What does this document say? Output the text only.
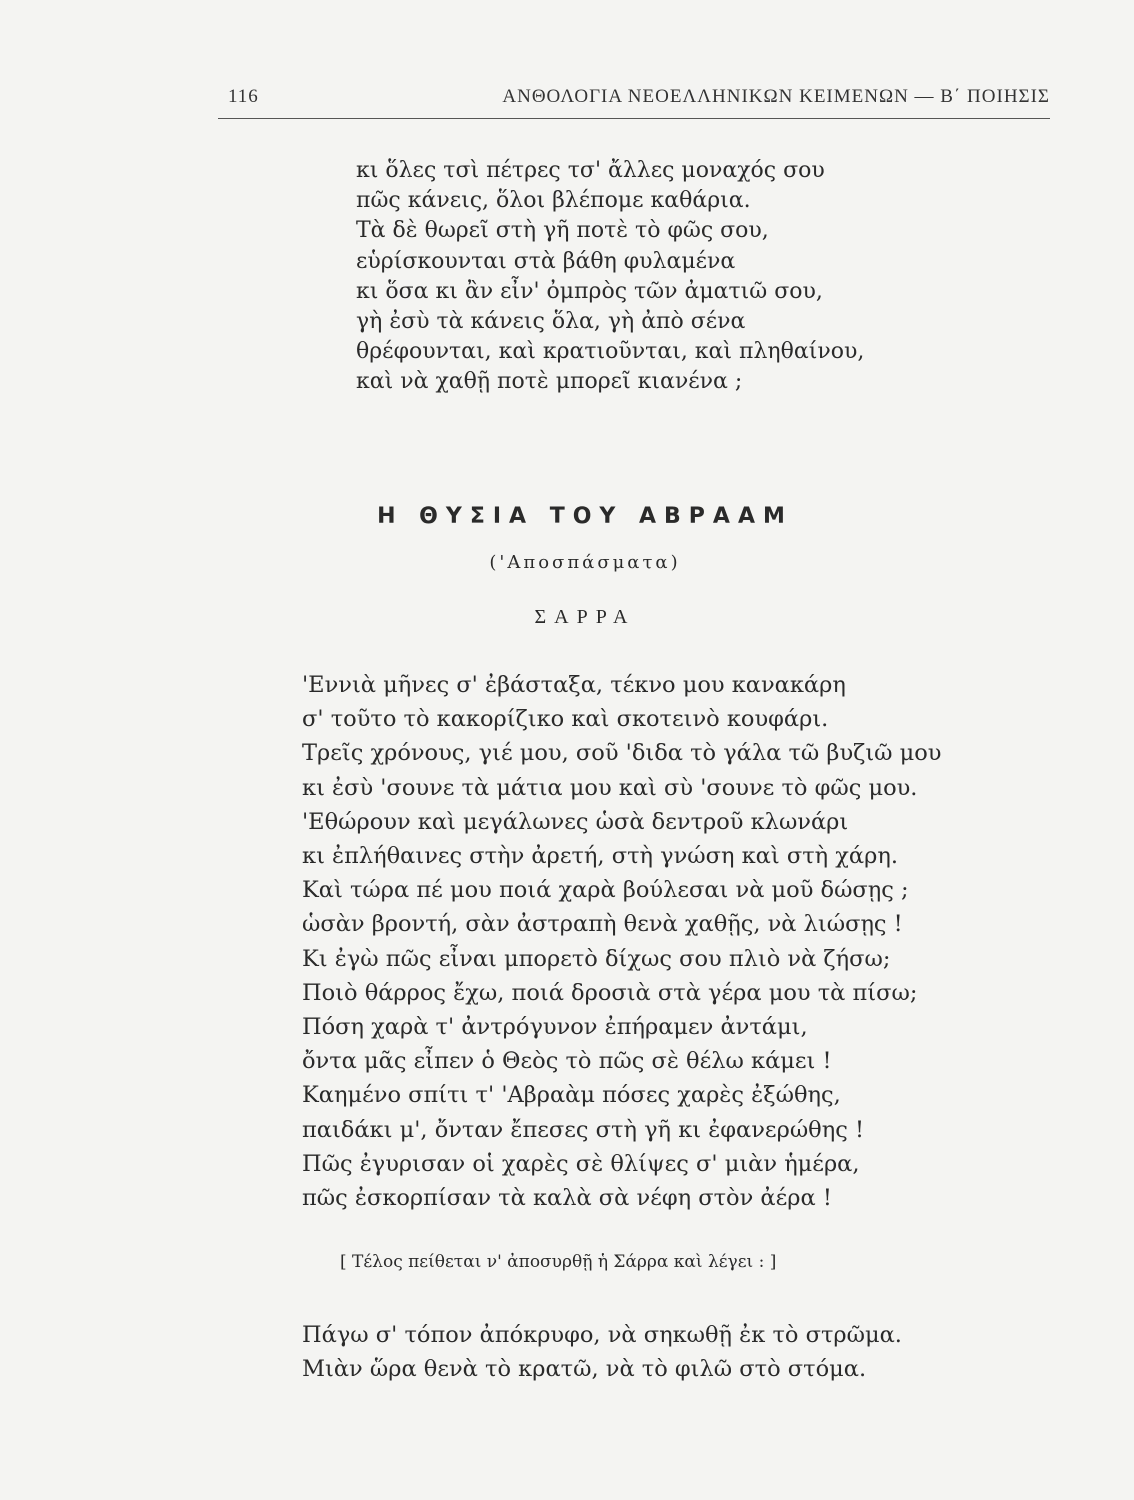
116	ΑΝΘΟΛΟΓΙΑ ΝΕΟΕΛΛΗΝΙΚΩΝ ΚΕΙΜΕΝΩΝ — Β΄ ΠΟΙΗΣΙΣ
κι ὅλες τσὶ πέτρες τσ' ἄλλες μοναχός σου
πῶς κάνεις, ὅλοι βλέπομε καθάρια.
Τὰ δὲ θωρεῖ στὴ γῆ ποτὲ τὸ φῶς σου,
εὑρίσκουνται στὰ βάθη φυλαμένα
κι ὅσα κι ἂν εἶν' ὀμπρὸς τῶν ἀματιῶ σου,
γὴ ἐσὺ τὰ κάνεις ὅλα, γὴ ἀπὸ σένα
θρέφουνται, καὶ κρατιοῦνται, καὶ πληθαίνου,
καὶ νὰ χαθῇ ποτὲ μπορεῖ κιανένα ;
Η ΘΥΣΙΑ ΤΟΥ ΑΒΡΑΑΜ
('Αποσπάσματα)
ΣΑΡΡΑ
'Εννιὰ μῆνες σ' ἐβάσταξα, τέκνο μου κανακάρη
σ' τοῦτο τὸ κακορίζικο καὶ σκοτεινὸ κουφάρι.
Τρεῖς χρόνους, γιέ μου, σοῦ 'διδα τὸ γάλα τῶ βυζιῶ μου
κι ἐσὺ 'σουνε τὰ μάτια μου καὶ σὺ 'σουνε τὸ φῶς μου.
'Εθώρουν καὶ μεγάλωνες ὡσὰ δεντροῦ κλωνάρι
κι ἐπλήθαινες στὴν ἀρετή, στὴ γνώση καὶ στὴ χάρη.
Καὶ τώρα πέ μου ποιά χαρὰ βούλεσαι νὰ μοῦ δώσῃς ;
ὡσὰν βροντή, σὰν ἀστραπὴ θενὰ χαθῇς, νὰ λιώσῃς !
Κι ἐγὼ πῶς εἶναι μπορετὸ δίχως σου πλιὸ νὰ ζήσω;
Ποιὸ θάρρος ἔχω, ποιά δροσιὰ στὰ γέρα μου τὰ πίσω;
Πόση χαρὰ τ' ἀντρόγυνον ἐπήραμεν ἀντάμι,
ὄντα μᾶς εἶπεν ὁ Θεὸς τὸ πῶς σὲ θέλω κάμει !
Καημένο σπίτι τ' 'Αβραὰμ πόσες χαρὲς ἐξώθης,
παιδάκι μ', ὄνταν ἔπεσες στὴ γῆ κι ἐφανερώθης !
Πῶς ἐγυρισαν οἱ χαρὲς σὲ θλίψες σ' μιὰν ἡμέρα,
πῶς ἐσκορπίσαν τὰ καλὰ σὰ νέφη στὸν ἀέρα !
[ Τέλος πείθεται ν' ἀποσυρθῇ ἡ Σάρρα καὶ λέγει : ]
Πάγω σ' τόπον ἀπόκρυφο, νὰ σηκωθῇ ἐκ τὸ στρῶμα.
Μιὰν ὥρα θενὰ τὸ κρατῶ, νὰ τὸ φιλῶ στὸ στόμα.
